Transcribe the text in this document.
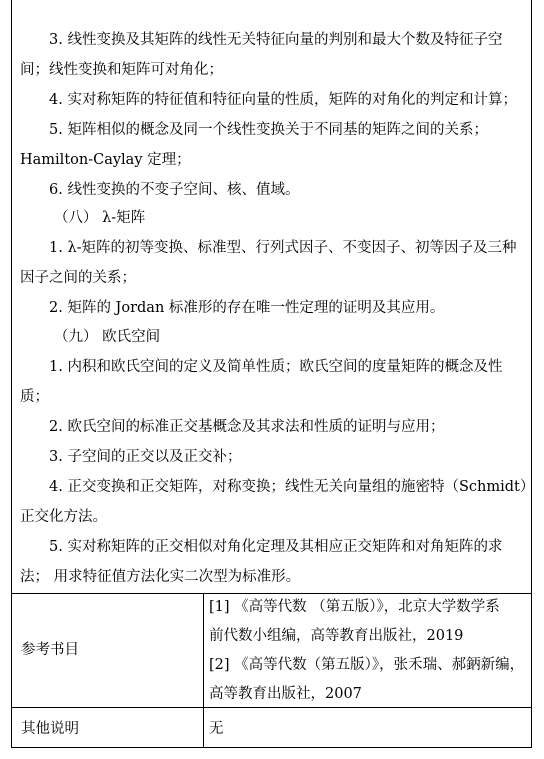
3. 线性变换及其矩阵的线性无关特征向量的判别和最大个数及特征子空
间；线性变换和矩阵可对角化；
4. 实对称矩阵的特征值和特征向量的性质，矩阵的对角化的判定和计算；
5. 矩阵相似的概念及同一个线性变换关于不同基的矩阵之间的关系；
Hamilton-Caylay 定理；
6. 线性变换的不变子空间、核、值域。
（八） λ-矩阵
1. λ-矩阵的初等变换、标准型、行列式因子、不变因子、初等因子及三种
因子之间的关系；
2. 矩阵的 Jordan 标准形的存在唯一性定理的证明及其应用。
（九） 欧氏空间
1. 内积和欧氏空间的定义及简单性质；欧氏空间的度量矩阵的概念及性
质；
2. 欧氏空间的标准正交基概念及其求法和性质的证明与应用；
3. 子空间的正交以及正交补；
4. 正交变换和正交矩阵，对称变换；线性无关向量组的施密特（Schmidt）
正交化方法。
5. 实对称矩阵的正交相似对角化定理及其相应正交矩阵和对角矩阵的求
法； 用求特征值方法化实二次型为标准形。
参考书目
[1] 《高等代数 （第五版）》，北京大学数学系
前代数小组编，高等教育出版社，2019
[2] 《高等代数（第五版）》，张禾瑞、郝鈵新编，
高等教育出版社，2007
其他说明	无
